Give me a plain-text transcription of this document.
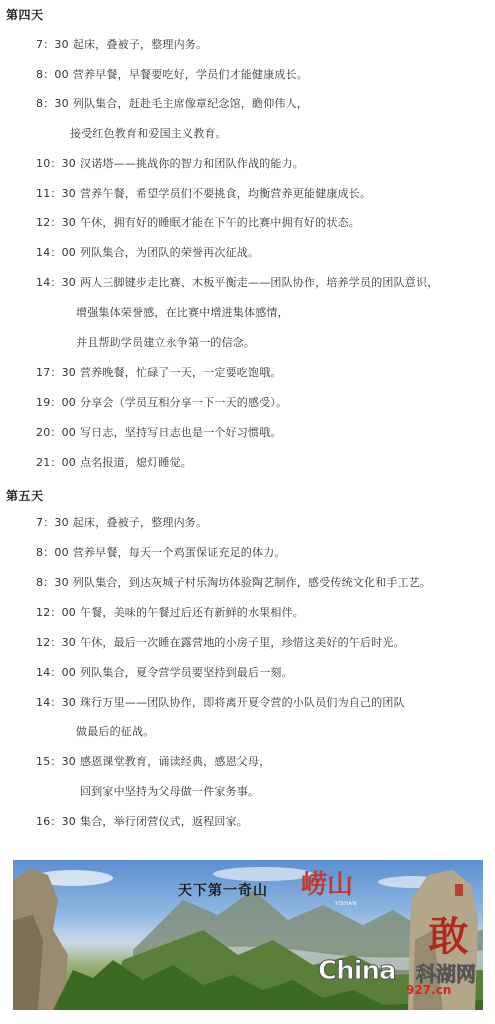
第四天
7：30 起床，叠被子，整理内务。
8：00 营养早餐，早餐要吃好，学员们才能健康成长。
8：30 列队集合，赶赴毛主席像章纪念馆，瞻仰伟人，
接受红色教育和爱国主义教育。
10：30 汉诺塔——挑战你的智力和团队作战的能力。
11：30 营养午餐，希望学员们不要挑食，均衡营养更能健康成长。
12：30 午休，拥有好的睡眠才能在下午的比赛中拥有好的状态。
14：00 列队集合，为团队的荣誉再次征战。
14：30 两人三脚键步走比赛、木板平衡走——团队协作，培养学员的团队意识，
增强集体荣誉感，在比赛中增进集体感情，
并且帮助学员建立永争第一的信念。
17：30 营养晚餐，忙碌了一天，一定要吃饱哦。
19：00 分享会（学员互相分享一下一天的感受）。
20：00 写日志，坚持写日志也是一个好习惯哦。
21：00 点名报道，熄灯睡觉。
第五天
7：30 起床，叠被子，整理内务。
8：00 营养早餐，每天一个鸡蛋保证充足的体力。
8：30 列队集合，到达灰城子村乐淘坊体验陶艺制作，感受传统文化和手工艺。
12：00 午餐，美味的午餐过后还有新鲜的水果相伴。
12：30 午休，最后一次睡在露营地的小房子里，珍惜这美好的午后时光。
14：00 列队集合，夏令营学员要坚持到最后一刻。
14：30 珠行万里——团队协作，即将离开夏令营的小队员们为自己的团队
做最后的征战。
15：30 感恩课堂教育，诵读经典，感恩父母，
回到家中坚持为父母做一件家务事。
16：30 集合，举行闭营仪式，返程回家。
天下第一奇山
YISHAN
崂山
敢
China 科湖网
927.cn
